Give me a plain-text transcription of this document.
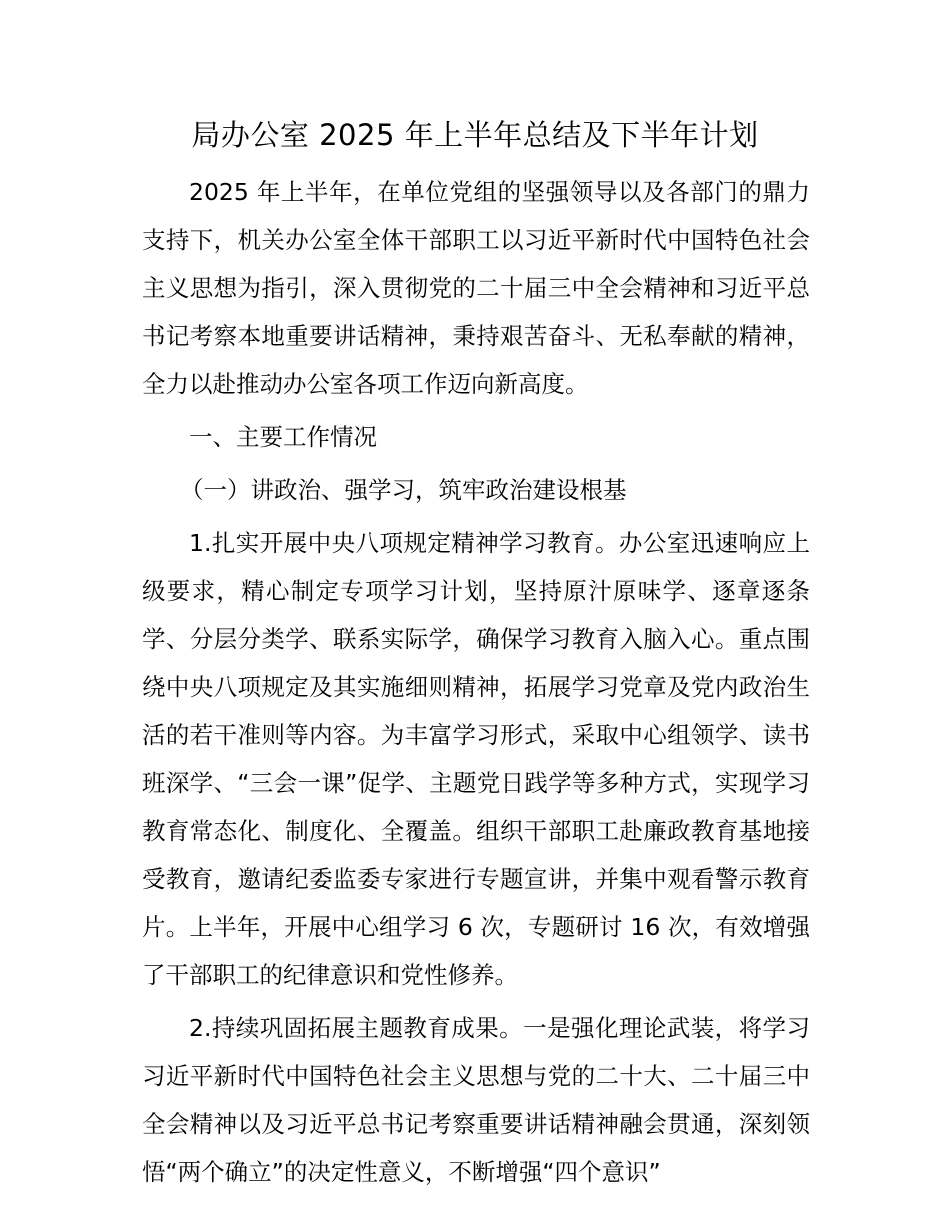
局办公室 2025 年上半年总结及下半年计划

2025 年上半年，在单位党组的坚强领导以及各部门的鼎力支持下，机关办公室全体干部职工以习近平新时代中国特色社会主义思想为指引，深入贯彻党的二十届三中全会精神和习近平总书记考察本地重要讲话精神，秉持艰苦奋斗、无私奉献的精神，全力以赴推动办公室各项工作迈向新高度。

一、主要工作情况

（一）讲政治、强学习，筑牢政治建设根基

1.扎实开展中央八项规定精神学习教育。办公室迅速响应上级要求，精心制定专项学习计划，坚持原汁原味学、逐章逐条学、分层分类学、联系实际学，确保学习教育入脑入心。重点围绕中央八项规定及其实施细则精神，拓展学习党章及党内政治生活的若干准则等内容。为丰富学习形式，采取中心组领学、读书班深学、“三会一课”促学、主题党日践学等多种方式，实现学习教育常态化、制度化、全覆盖。组织干部职工赴廉政教育基地接受教育，邀请纪委监委专家进行专题宣讲，并集中观看警示教育片。上半年，开展中心组学习 6 次，专题研讨 16 次，有效增强了干部职工的纪律意识和党性修养。

2.持续巩固拓展主题教育成果。一是强化理论武装，将学习习近平新时代中国特色社会主义思想与党的二十大、二十届三中全会精神以及习近平总书记考察重要讲话精神融会贯通，深刻领悟“两个确立”的决定性意义，不断增强“四个意识”
